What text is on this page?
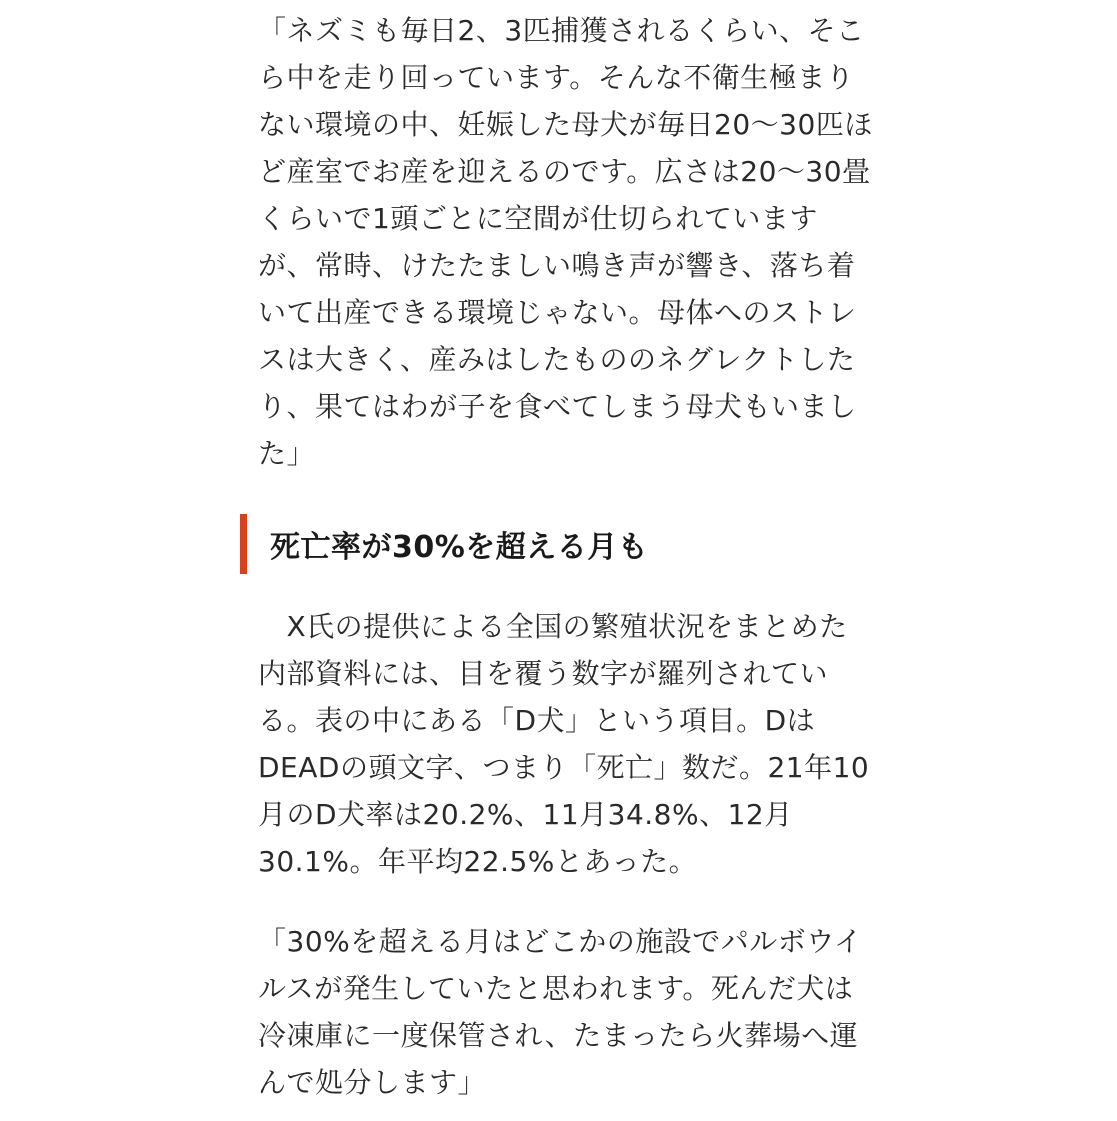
「ネズミも毎日2、3匹捕獲されるくらい、そこ
ら中を走り回っています。そんな不衛生極まり
ない環境の中、妊娠した母犬が毎日20〜30匹ほ
ど産室でお産を迎えるのです。広さは20〜30畳
くらいで1頭ごとに空間が仕切られています
が、常時、けたたましい鳴き声が響き、落ち着
いて出産できる環境じゃない。母体へのストレ
スは大きく、産みはしたもののネグレクトした
り、果てはわが子を食べてしまう母犬もいまし
た」

死亡率が30%を超える月も

　X氏の提供による全国の繁殖状況をまとめた
内部資料には、目を覆う数字が羅列されてい
る。表の中にある「D犬」という項目。Dは
DEADの頭文字、つまり「死亡」数だ。21年10
月のD犬率は20.2%、11月34.8%、12月
30.1%。年平均22.5%とあった。

「30%を超える月はどこかの施設でパルボウイ
ルスが発生していたと思われます。死んだ犬は
冷凍庫に一度保管され、たまったら火葬場へ運
んで処分します」
